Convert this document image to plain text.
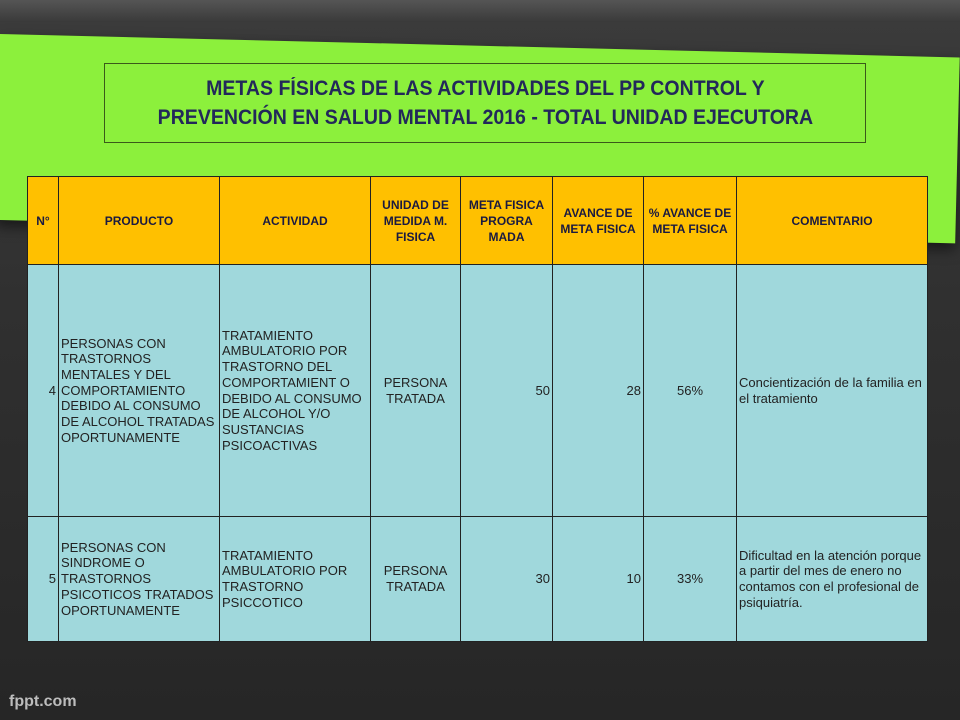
METAS FÍSICAS DE LAS ACTIVIDADES DEL PP CONTROL Y
PREVENCIÓN EN SALUD MENTAL 2016 - TOTAL UNIDAD EJECUTORA
N°	PRODUCTO	ACTIVIDAD	UNIDAD DE MEDIDA M. FISICA	META FISICA PROGRA MADA	AVANCE DE META FISICA	% AVANCE DE META FISICA	COMENTARIO
4	PERSONAS CON TRASTORNOS MENTALES Y DEL COMPORTAMIENTO DEBIDO AL CONSUMO DE ALCOHOL TRATADAS OPORTUNAMENTE	TRATAMIENTO AMBULATORIO POR TRASTORNO DEL COMPORTAMIENT O DEBIDO AL CONSUMO DE ALCOHOL Y/O SUSTANCIAS PSICOACTIVAS	PERSONA TRATADA	50	28	56%	Concientización de la familia en el tratamiento
5	PERSONAS CON SINDROME O TRASTORNOS PSICOTICOS TRATADOS OPORTUNAMENTE	TRATAMIENTO AMBULATORIO POR TRASTORNO PSICCOTICO	PERSONA TRATADA	30	10	33%	Dificultad en la atención porque a partir del mes de enero no contamos con el profesional de psiquiatría.
fppt.com
